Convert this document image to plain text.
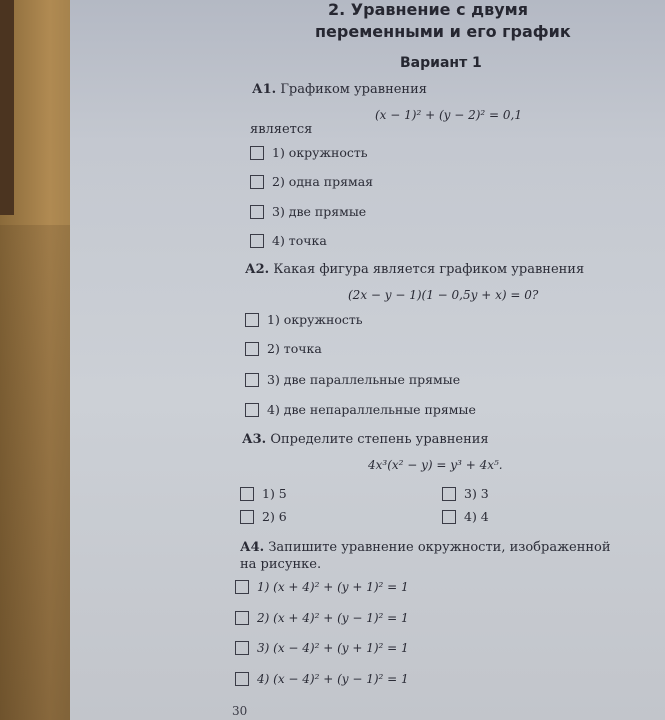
2. Уравнение с двумя
переменными и его график
Вариант 1
А1. Графиком уравнения
(x − 1)² + (y − 2)² = 0,1
является
1) окружность
2) одна прямая
3) две прямые
4) точка
А2. Какая фигура является графиком уравнения
(2x − y − 1)(1 − 0,5y + x) = 0?
1) окружность
2) точка
3) две параллельные прямые
4) две непараллельные прямые
А3. Определите степень уравнения
4x³(x² − y) = y³ + 4x⁵.
1) 5
2) 6
3) 3
4) 4
А4. Запишите уравнение окружности, изображенной
на рисунке.
1) (x + 4)² + (y + 1)² = 1
2) (x + 4)² + (y − 1)² = 1
3) (x − 4)² + (y + 1)² = 1
4) (x − 4)² + (y − 1)² = 1
30
